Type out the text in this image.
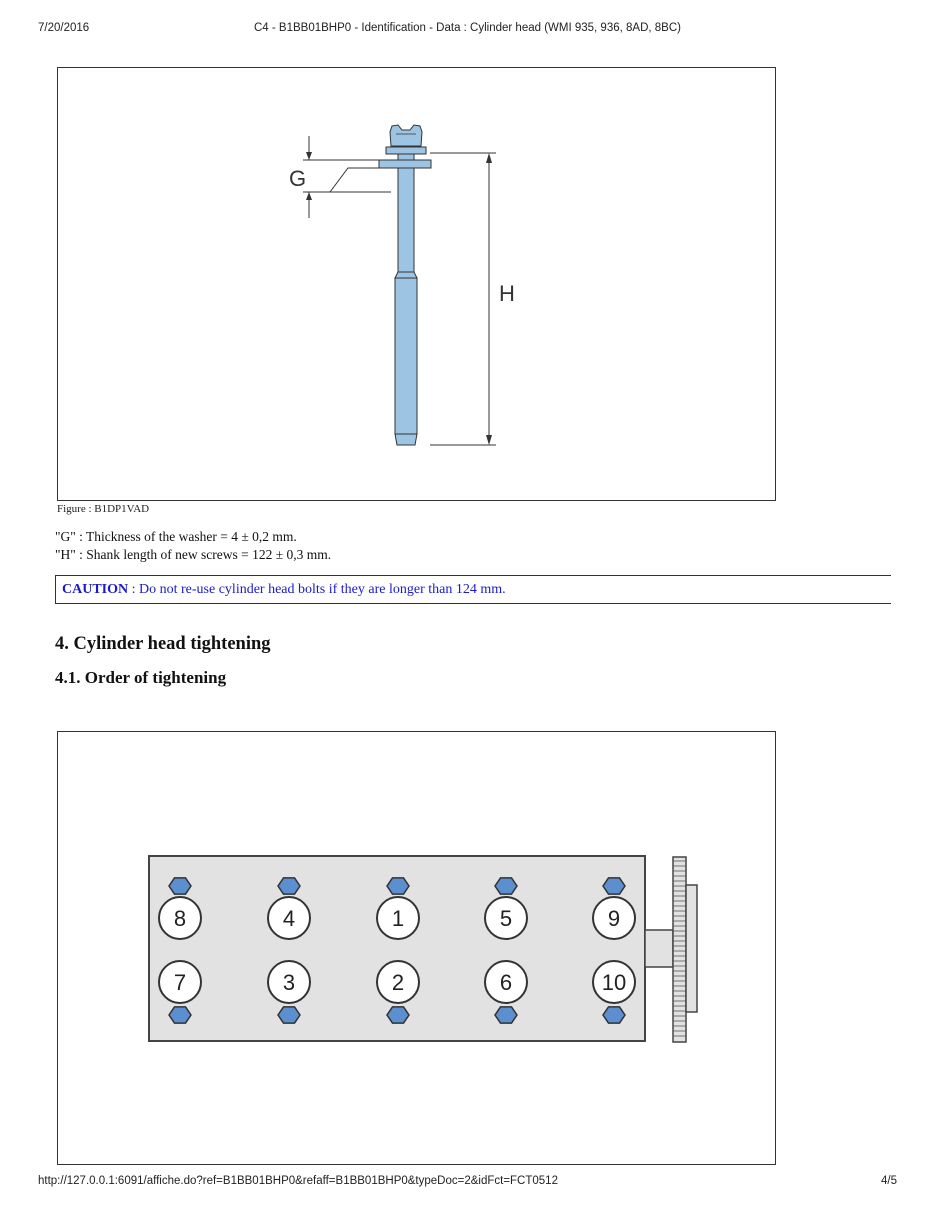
7/20/2016	C4 - B1BB01BHP0 - Identification - Data : Cylinder head (WMI 935, 936, 8AD, 8BC)
G
H
Figure : B1DP1VAD
"G" : Thickness of the washer = 4 ± 0,2 mm.
"H" : Shank length of new screws = 122 ± 0,3 mm.
CAUTION : Do not re-use cylinder head bolts if they are longer than 124 mm.
4. Cylinder head tightening
4.1. Order of tightening
8
7
4
3
1
2
5
6
9
10
http://127.0.0.1:6091/affiche.do?ref=B1BB01BHP0&refaff=B1BB01BHP0&typeDoc=2&idFct=FCT0512	4/5
